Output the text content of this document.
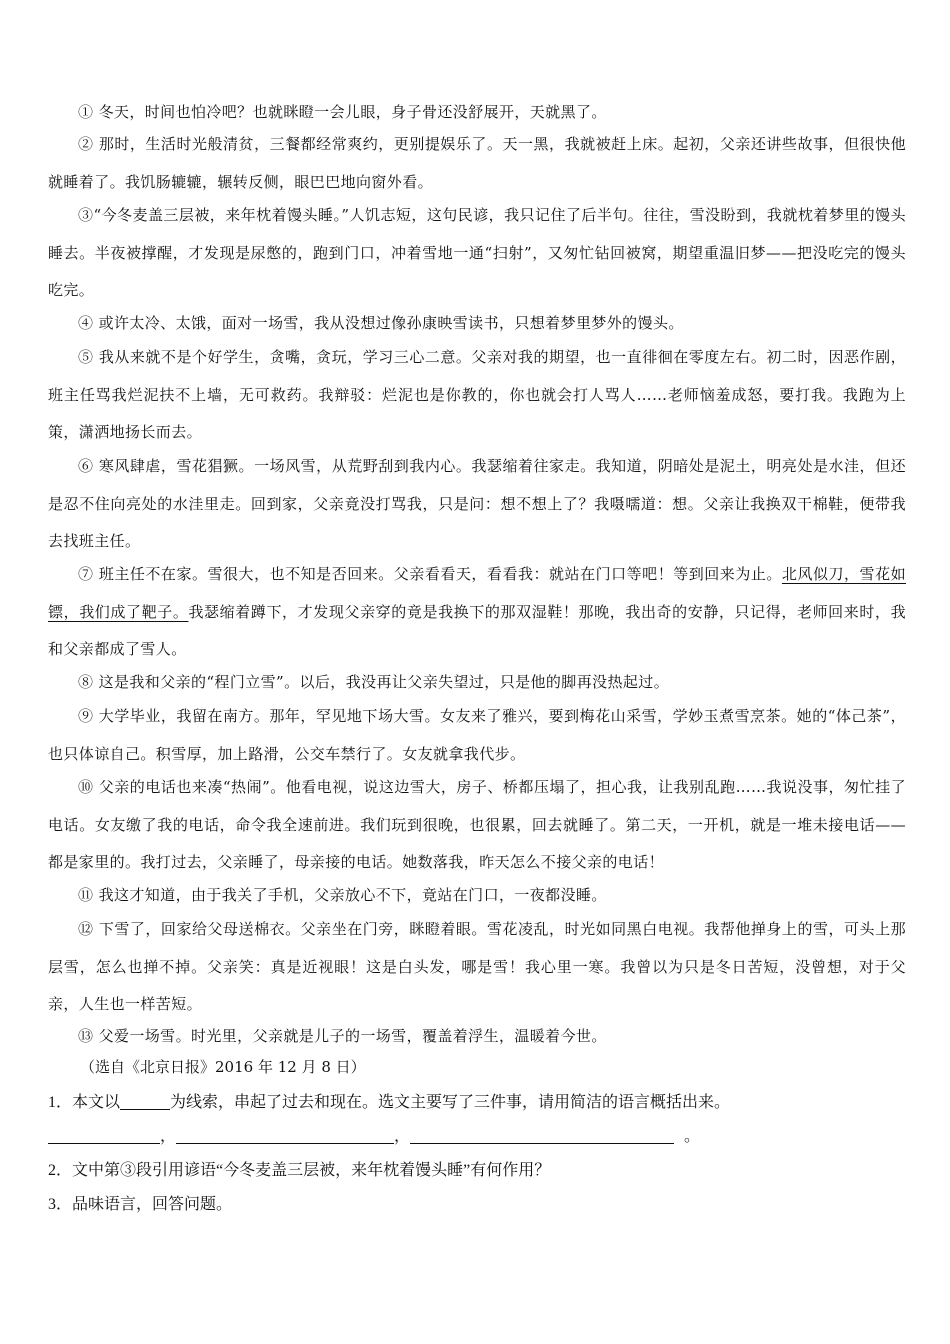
① 冬天，时间也怕冷吧？也就眯瞪一会儿眼，身子骨还没舒展开，天就黑了。

② 那时，生活时光般清贫，三餐都经常爽约，更别提娱乐了。天一黑，我就被赶上床。起初，父亲还讲些故事，但很快他就睡着了。我饥肠辘辘，辗转反侧，眼巴巴地向窗外看。

③“今冬麦盖三层被，来年枕着馒头睡。”人饥志短，这句民谚，我只记住了后半句。往往，雪没盼到，我就枕着梦里的馒头睡去。半夜被撑醒，才发现是尿憋的，跑到门口，冲着雪地一通“扫射”，又匆忙钻回被窝，期望重温旧梦——把没吃完的馒头吃完。

④ 或许太冷、太饿，面对一场雪，我从没想过像孙康映雪读书，只想着梦里梦外的馒头。

⑤ 我从来就不是个好学生，贪嘴，贪玩，学习三心二意。父亲对我的期望，也一直徘徊在零度左右。初二时，因恶作剧，班主任骂我烂泥扶不上墙，无可救药。我辩驳：烂泥也是你教的，你也就会打人骂人……老师恼羞成怒，要打我。我跑为上策，潇洒地扬长而去。

⑥ 寒风肆虐，雪花猖獗。一场风雪，从荒野刮到我内心。我瑟缩着往家走。我知道，阴暗处是泥土，明亮处是水洼，但还是忍不住向亮处的水洼里走。回到家，父亲竟没打骂我，只是问：想不想上了？我嗫嚅道：想。父亲让我换双干棉鞋，便带我去找班主任。

⑦ 班主任不在家。雪很大，也不知是否回来。父亲看看天，看看我：就站在门口等吧！等到回来为止。北风似刀，雪花如镖，我们成了靶子。我瑟缩着蹲下，才发现父亲穿的竟是我换下的那双湿鞋！那晚，我出奇的安静，只记得，老师回来时，我和父亲都成了雪人。

⑧ 这是我和父亲的“程门立雪”。以后，我没再让父亲失望过，只是他的脚再没热起过。

⑨ 大学毕业，我留在南方。那年，罕见地下场大雪。女友来了雅兴，要到梅花山采雪，学妙玉煮雪烹茶。她的“体己茶”，也只体谅自己。积雪厚，加上路滑，公交车禁行了。女友就拿我代步。

⑩ 父亲的电话也来凑“热闹”。他看电视，说这边雪大，房子、桥都压塌了，担心我，让我别乱跑……我说没事，匆忙挂了电话。女友缴了我的电话，命令我全速前进。我们玩到很晚，也很累，回去就睡了。第二天，一开机，就是一堆未接电话——都是家里的。我打过去，父亲睡了，母亲接的电话。她数落我，昨天怎么不接父亲的电话！

⑪ 我这才知道，由于我关了手机，父亲放心不下，竟站在门口，一夜都没睡。

⑫ 下雪了，回家给父母送棉衣。父亲坐在门旁，眯瞪着眼。雪花凌乱，时光如同黑白电视。我帮他掸身上的雪，可头上那层雪，怎么也掸不掉。父亲笑：真是近视眼！这是白头发，哪是雪！我心里一寒。我曾以为只是冬日苦短，没曾想，对于父亲，人生也一样苦短。

⑬ 父爱一场雪。时光里，父亲就是儿子的一场雪，覆盖着浮生，温暖着今世。

（选自《北京日报》2016 年 12 月 8 日）

1．本文以	为线索，串起了过去和现在。选文主要写了三件事，请用简洁的语言概括出来。

，	，	。

2．文中第③段引用谚语“今冬麦盖三层被，来年枕着馒头睡”有何作用？

3．品味语言，回答问题。
